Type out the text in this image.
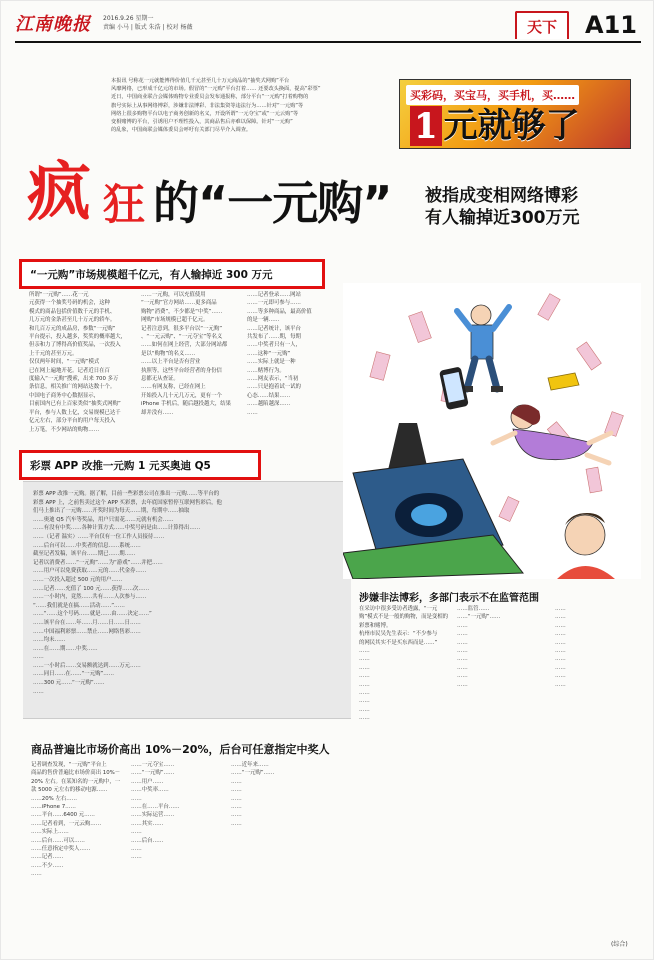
江南晚报 2016.9.26 星期一
责编 小马 | 版式 朱浩 | 校对 杨薇	天下	A11
本报讯 号称花一元就能博得价值几千元甚至几十万元商品的“抽奖式网购”平台
风靡网络，已形成千亿元的市场。假冒的“一元购”平台打着…… 还要改头换面，提高“彩票”
近日，中国商业联合会媒体购物专业委员会发布通报称，部分平台“一元购”打着购物的
旗号实际上从事网络博彩，涉嫌非法博彩、非法集资等违法行为……针对“一元购”等
网络上很多购物平台以电子商务创新的名义，开设所谓“一元夺宝”或“一元云购”等
变相赌博的平台，引诱用户不理性投入，其商品售后亦难以保障。针对“一元购”
的乱象，中国商联会媒体委员会呼吁有关部门尽早介入调查。
买彩码，买宝马，买手机，买……
1 元就够了
疯 狂 的“一元购” 被指成变相网络博彩
有人输掉近300万元
“一元购”市场规模超千亿元，有人输掉近 300 万元
彩票 APP 改推一元购 1 元买奥迪 Q5
所谓“一元购”……花一元
元获得一个抽奖号码的机会，这种
模式的商品包括价值数千元的手机、
几万元的金条甚至几十万元的轿车。
和几百万元的成品房，参数“一元购”
平台提示，投入越多，奖奖的概率越大，
但亲和力了博得高价值奖品，一次投入
上千元的甚至万元。
仅仅两年时间，“一元购”模式
已在网上遍地开花。记者近日在百
度输入“一元购”搜索，出来 700 多万
条信息，相关推广的网站达数十个。
中国电子商务中心数据显示，
目前国内已有上百家类似“抽奖式网购”
平台，参与人数上亿，交易规模已达千
亿元左右，部分平台的用户每天投入
上万笔，不少网站的购物……
……一元购，可以充值使用
“一元购”官方网站……更多商品
购物“消费”，不少都是“中奖”……
网购”市场规模已超千亿元。
记者注意到，很多平台以“一元购”
、“一元云购”、“一元夺宝”等名义
……如何在网上经营，大部分网站都
是以“购物”的名义……
……以上平台是否有营业
执照等，这些平台经营者的身份信
息都无从查证。
……有网友称，已经在网上
开始投入几十元几万元，更有一个
iPhone 手机后，随后越投越大，结果
却并没有……
……记者登录……网站
……一元即可参与……
……等多种商品，最高价值
的是一辆……
……记者统计，该平台
共发布了……期，每期
……中奖者只有一人，
……这种“一元购”
……实际上就是一种
……赌博行为。
……网友表示，“当初
……只是抱着试一试的
心态……结果……
……越陷越深……
……
彩票 APP 改推一元购。据了解，目前一些彩票公司在推出一元购……等平台的
彩票 APP 上，之前售卖过这个 APP 买彩票，去年底国家暂停互联网售彩后，他
们马上推出了一元购……开奖时间为每天……期，每期中……抽取
……奥迪 Q5 汽车等奖品，用户只需花……元就有机会……
……有没有中奖……各种计算方式……中奖号码是由……计算得出……
……（记者 温实）……平台仅有一位工作人员接待……
……后台可以……中奖者的信息……系统……
截至记者发稿，该平台……期已……期……
记者以消费者……“一元购”……为“游戏”……并把……
……用户可以免费获取……元的……代金券……
……一次投入超过 500 元的用户……
……记者……充值了 100 元……获得……次……
……一小时内，竟然……共有……人次参与……
“……我们就是在搞……活动……”……
……“……这个号码……就是……由……决定……”
……该平台在……年……月……日……日……
……中国福利彩票……禁止……网络售彩……
……均未……
……在……期……中奖……
……
……一小时后……交易额就达到……万元……
……同日……在……“一元购”……
……300 元……“一元购”……
……
商品普遍比市场价高出 10%－20%，后台可任意指定中奖人
记者调查发现，“一元购”平台上
商品的售价普遍比市场价高出 10%－
20% 左右。在某知名的一元购中，一
款 5000 元左右的移动电源……
……20% 左右……
……iPhone 7……
……平台……6400 元……
……记者看到，一元云购……
……实际上……
……后台……可以……
……任意指定中奖人……
……记者……
……不少……
……
……一元夺宝……
……“一元购”……
……用户……
……中奖率……
……
……在……平台……
……实际运营……
……其实……
……
……后台……
……
……
……近年来……
……“一元购”……
……
……
……
……
……
……
涉嫌非法博彩，多部门表示不在监管范围
在采访中很多受访者透露，“一元
购”模式不是一般的购物，而是变相的
彩票和赌博。
杭州市民吴先生表示：“不少参与
的网民其实不是买东西而是……”
……
……
……
……
……
……
……
……
……
……监管……
……“一元购”……
……
……
……
……
……
……
……
……
……
……
……
……
……
……
……
……
……
……
(综合)
